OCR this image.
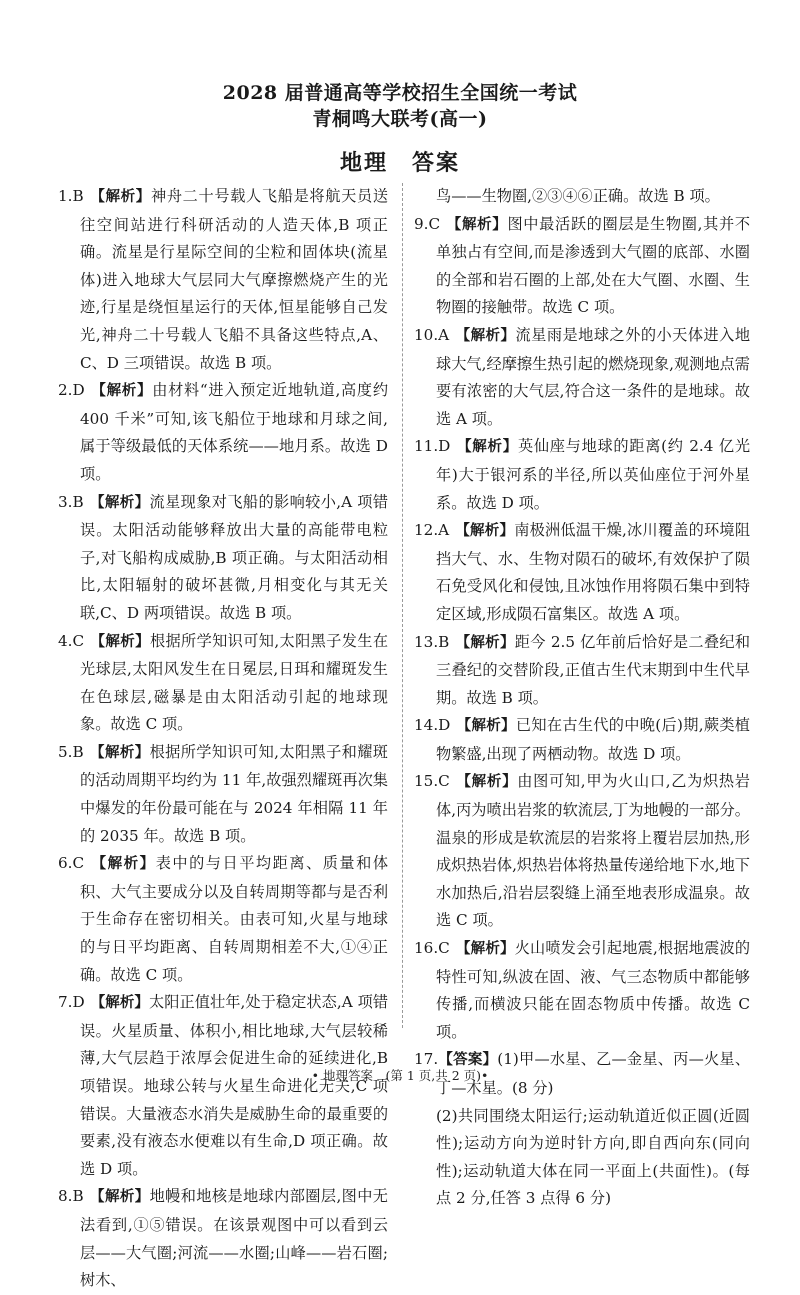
2028 届普通高等学校招生全国统一考试
青桐鸣大联考(高一)
地理　答案
1.B 【解析】神舟二十号载人飞船是将航天员送往空间站进行科研活动的人造天体,B 项正确。流星是行星际空间的尘粒和固体块(流星体)进入地球大气层同大气摩擦燃烧产生的光迹,行星是绕恒星运行的天体,恒星能够自己发光,神舟二十号载人飞船不具备这些特点,A、C、D 三项错误。故选 B 项。
2.D 【解析】由材料“进入预定近地轨道,高度约 400 千米”可知,该飞船位于地球和月球之间,属于等级最低的天体系统——地月系。故选 D 项。
3.B 【解析】流星现象对飞船的影响较小,A 项错误。太阳活动能够释放出大量的高能带电粒子,对飞船构成威胁,B 项正确。与太阳活动相比,太阳辐射的破坏甚微,月相变化与其无关联,C、D 两项错误。故选 B 项。
4.C 【解析】根据所学知识可知,太阳黑子发生在光球层,太阳风发生在日冕层,日珥和耀斑发生在色球层,磁暴是由太阳活动引起的地球现象。故选 C 项。
5.B 【解析】根据所学知识可知,太阳黑子和耀斑的活动周期平均约为 11 年,故强烈耀斑再次集中爆发的年份最可能在与 2024 年相隔 11 年的 2035 年。故选 B 项。
6.C 【解析】表中的与日平均距离、质量和体积、大气主要成分以及自转周期等都与是否利于生命存在密切相关。由表可知,火星与地球的与日平均距离、自转周期相差不大,①④正确。故选 C 项。
7.D 【解析】太阳正值壮年,处于稳定状态,A 项错误。火星质量、体积小,相比地球,大气层较稀薄,大气层趋于浓厚会促进生命的延续进化,B 项错误。地球公转与火星生命进化无关,C 项错误。大量液态水消失是威胁生命的最重要的要素,没有液态水便难以有生命,D 项正确。故选 D 项。
8.B 【解析】地幔和地核是地球内部圈层,图中无法看到,①⑤错误。在该景观图中可以看到云层——大气圈;河流——水圈;山峰——岩石圈;树木、
鸟——生物圈,②③④⑥正确。故选 B 项。
9.C 【解析】图中最活跃的圈层是生物圈,其并不单独占有空间,而是渗透到大气圈的底部、水圈的全部和岩石圈的上部,处在大气圈、水圈、生物圈的接触带。故选 C 项。
10.A 【解析】流星雨是地球之外的小天体进入地球大气,经摩擦生热引起的燃烧现象,观测地点需要有浓密的大气层,符合这一条件的是地球。故选 A 项。
11.D 【解析】英仙座与地球的距离(约 2.4 亿光年)大于银河系的半径,所以英仙座位于河外星系。故选 D 项。
12.A 【解析】南极洲低温干燥,冰川覆盖的环境阻挡大气、水、生物对陨石的破坏,有效保护了陨石免受风化和侵蚀,且冰蚀作用将陨石集中到特定区域,形成陨石富集区。故选 A 项。
13.B 【解析】距今 2.5 亿年前后恰好是二叠纪和三叠纪的交替阶段,正值古生代末期到中生代早期。故选 B 项。
14.D 【解析】已知在古生代的中晚(后)期,蕨类植物繁盛,出现了两栖动物。故选 D 项。
15.C 【解析】由图可知,甲为火山口,乙为炽热岩体,丙为喷出岩浆的软流层,丁为地幔的一部分。温泉的形成是软流层的岩浆将上覆岩层加热,形成炽热岩体,炽热岩体将热量传递给地下水,地下水加热后,沿岩层裂缝上涌至地表形成温泉。故选 C 项。
16.C 【解析】火山喷发会引起地震,根据地震波的特性可知,纵波在固、液、气三态物质中都能够传播,而横波只能在固态物质中传播。故选 C 项。
17.【答案】(1)甲—水星、乙—金星、丙—火星、丁—木星。(8 分)
(2)共同围绕太阳运行;运动轨道近似正圆(近圆性);运动方向为逆时针方向,即自西向东(同向性);运动轨道大体在同一平面上(共面性)。(每点 2 分,任答 3 点得 6 分)
• 地理答案　(第 1 页,共 2 页)•
